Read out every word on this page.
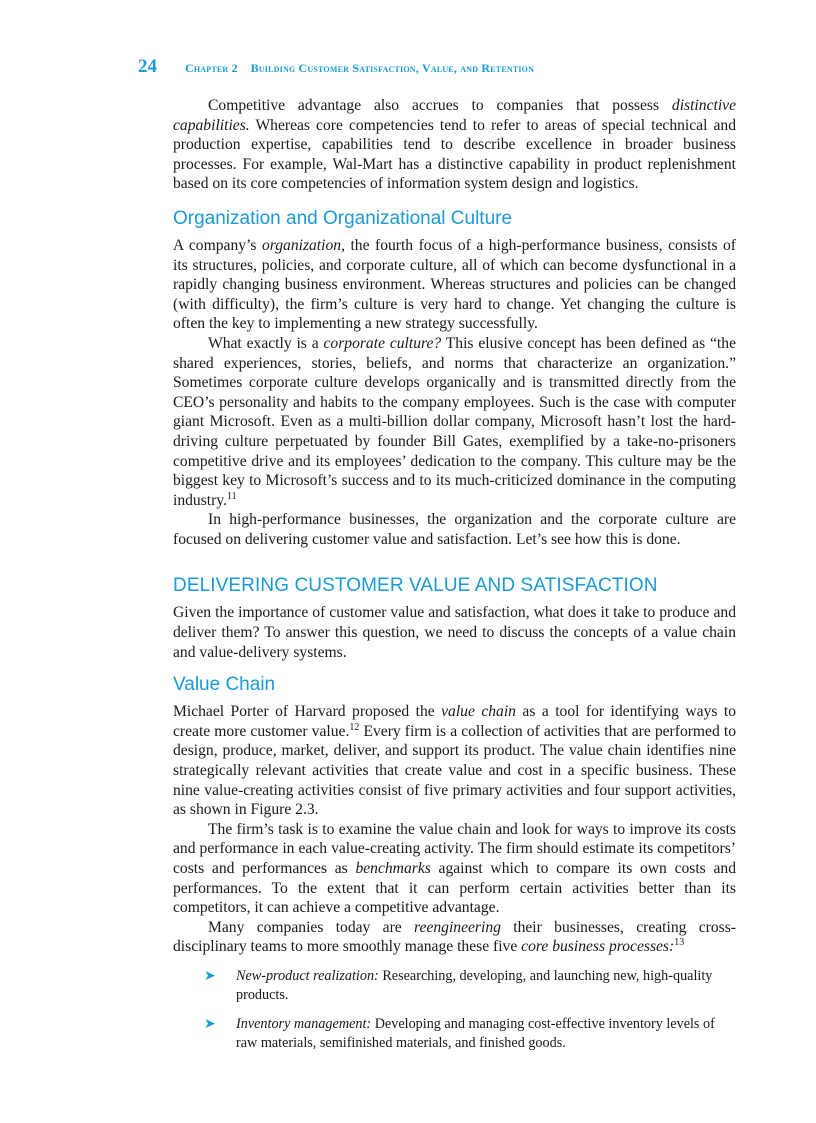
24 Chapter 2 Building Customer Satisfaction, Value, and Retention

Competitive advantage also accrues to companies that possess distinctive capabilities. Whereas core competencies tend to refer to areas of special technical and production expertise, capabilities tend to describe excellence in broader business processes. For example, Wal-Mart has a distinctive capability in product replenishment based on its core competencies of information system design and logistics.

Organization and Organizational Culture

A company’s organization, the fourth focus of a high-performance business, consists of its structures, policies, and corporate culture, all of which can become dysfunctional in a rapidly changing business environment. Whereas structures and policies can be changed (with difficulty), the firm’s culture is very hard to change. Yet changing the culture is often the key to implementing a new strategy successfully.

What exactly is a corporate culture? This elusive concept has been defined as “the shared experiences, stories, beliefs, and norms that characterize an organization.” Sometimes corporate culture develops organically and is transmitted directly from the CEO’s personality and habits to the company employees. Such is the case with computer giant Microsoft. Even as a multi-billion dollar company, Microsoft hasn’t lost the hard-driving culture perpetuated by founder Bill Gates, exemplified by a take-no-prisoners competitive drive and its employees’ dedication to the company. This culture may be the biggest key to Microsoft’s success and to its much-criticized dominance in the computing industry.$^{11}$

In high-performance businesses, the organization and the corporate culture are focused on delivering customer value and satisfaction. Let’s see how this is done.

DELIVERING CUSTOMER VALUE AND SATISFACTION

Given the importance of customer value and satisfaction, what does it take to produce and deliver them? To answer this question, we need to discuss the concepts of a value chain and value-delivery systems.

Value Chain

Michael Porter of Harvard proposed the value chain as a tool for identifying ways to create more customer value.$^{12}$ Every firm is a collection of activities that are performed to design, produce, market, deliver, and support its product. The value chain identifies nine strategically relevant activities that create value and cost in a specific business. These nine value-creating activities consist of five primary activities and four support activities, as shown in Figure 2.3.

The firm’s task is to examine the value chain and look for ways to improve its costs and performance in each value-creating activity. The firm should estimate its competitors’ costs and performances as benchmarks against which to compare its own costs and performances. To the extent that it can perform certain activities better than its competitors, it can achieve a competitive advantage.

Many companies today are reengineering their businesses, creating cross-disciplinary teams to more smoothly manage these five core business processes:$^{13}$

➤ New-product realization: Researching, developing, and launching new, high-quality products.
➤ Inventory management: Developing and managing cost-effective inventory levels of raw materials, semifinished materials, and finished goods.
